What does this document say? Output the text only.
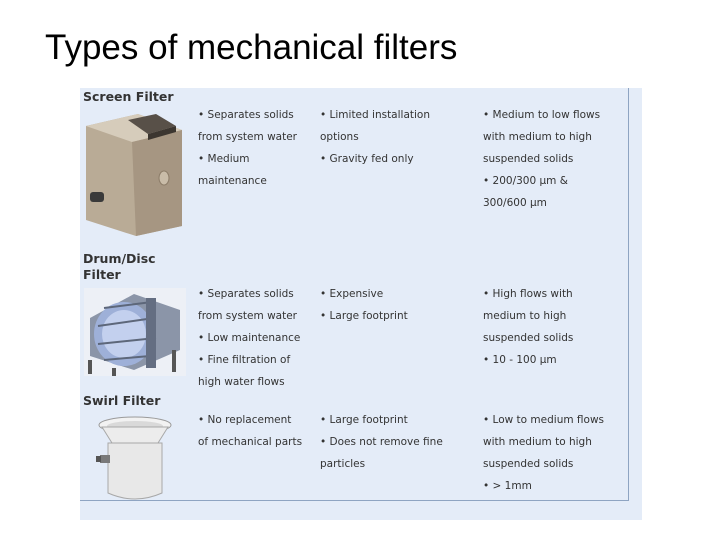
Types of mechanical filters
Screen Filter
• Separates solids
from system water
• Medium
maintenance
• Limited installation
options
• Gravity fed only
• Medium to low flows
with medium to high
suspended solids
• 200/300 µm &
300/600 µm
Drum/Disc
Filter
• Separates solids
from system water
• Low maintenance
• Fine filtration of
high water flows
• Expensive
• Large footprint
• High flows with
medium to high
suspended solids
• 10 - 100 µm
Swirl Filter
• No replacement
of mechanical parts
• Large footprint
• Does not remove fine
particles
• Low to medium flows
with medium to high
suspended solids
• > 1mm
